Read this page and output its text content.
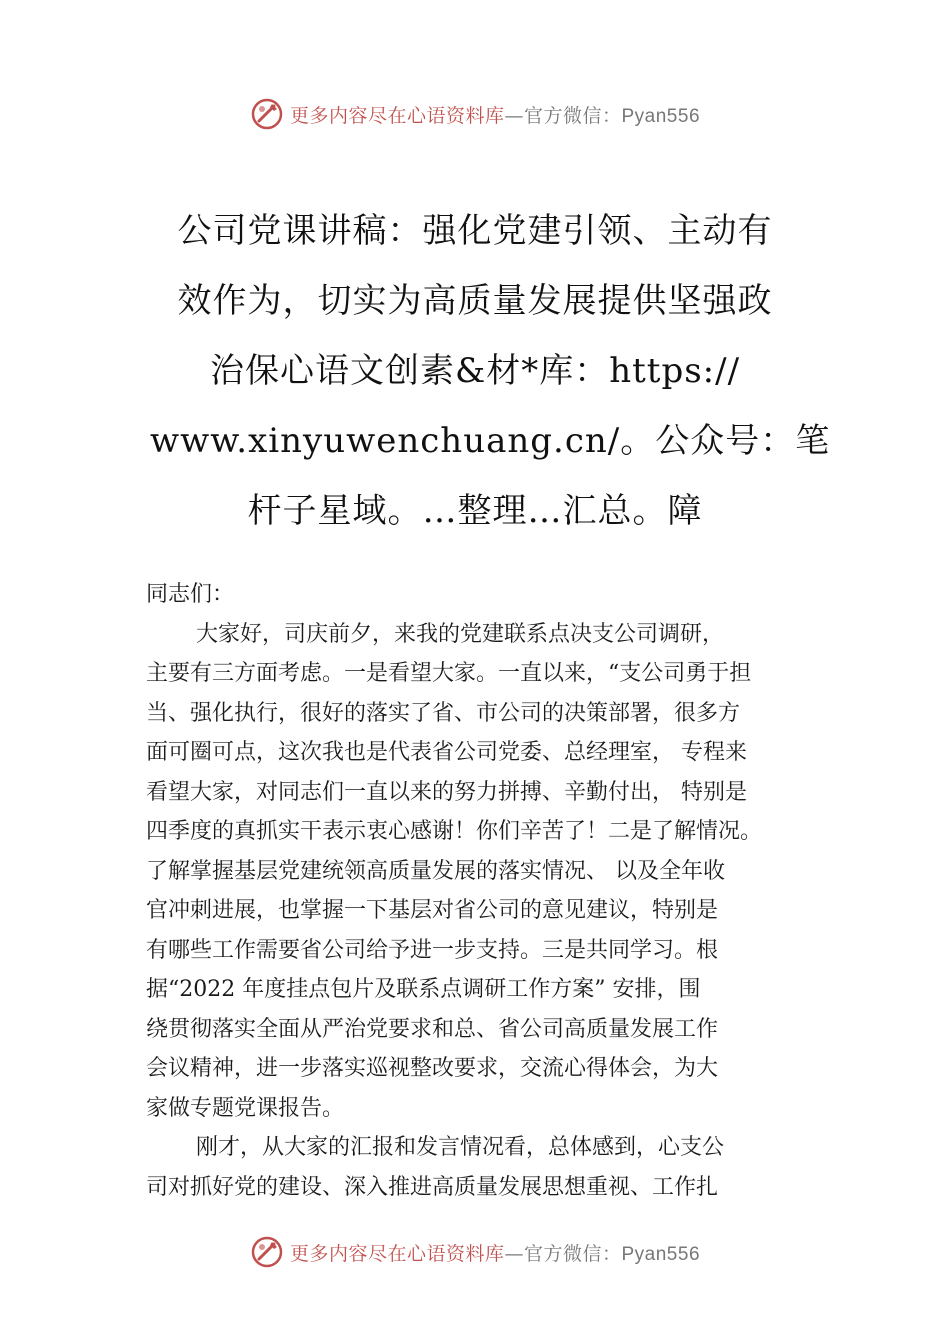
更多内容尽在心语资料库—官方微信：Pyan556
公司党课讲稿：强化党建引领、主动有
效作为，切实为高质量发展提供坚强政
治保心语文创素&材*库：https://
www.xinyuwenchuang.cn/。公众号：笔
杆子星域。…整理…汇总。障
同志们：
大家好，司庆前夕，来我的党建联系点决支公司调研，
主要有三方面考虑。一是看望大家。一直以来，“支公司勇于担
当、强化执行，很好的落实了省、市公司的决策部署，很多方
面可圈可点，这次我也是代表省公司党委、总经理室， 专程来
看望大家，对同志们一直以来的努力拼搏、辛勤付出， 特别是
四季度的真抓实干表示衷心感谢！你们辛苦了！二是了解情况。
了解掌握基层党建统领高质量发展的落实情况、 以及全年收
官冲刺进展，也掌握一下基层对省公司的意见建议，特别是
有哪些工作需要省公司给予进一步支持。三是共同学习。根
据“2022 年度挂点包片及联系点调研工作方案” 安排，围
绕贯彻落实全面从严治党要求和总、省公司高质量发展工作
会议精神，进一步落实巡视整改要求，交流心得体会，为大
家做专题党课报告。
刚才，从大家的汇报和发言情况看，总体感到，心支公
司对抓好党的建设、深入推进高质量发展思想重视、工作扎
更多内容尽在心语资料库—官方微信：Pyan556
